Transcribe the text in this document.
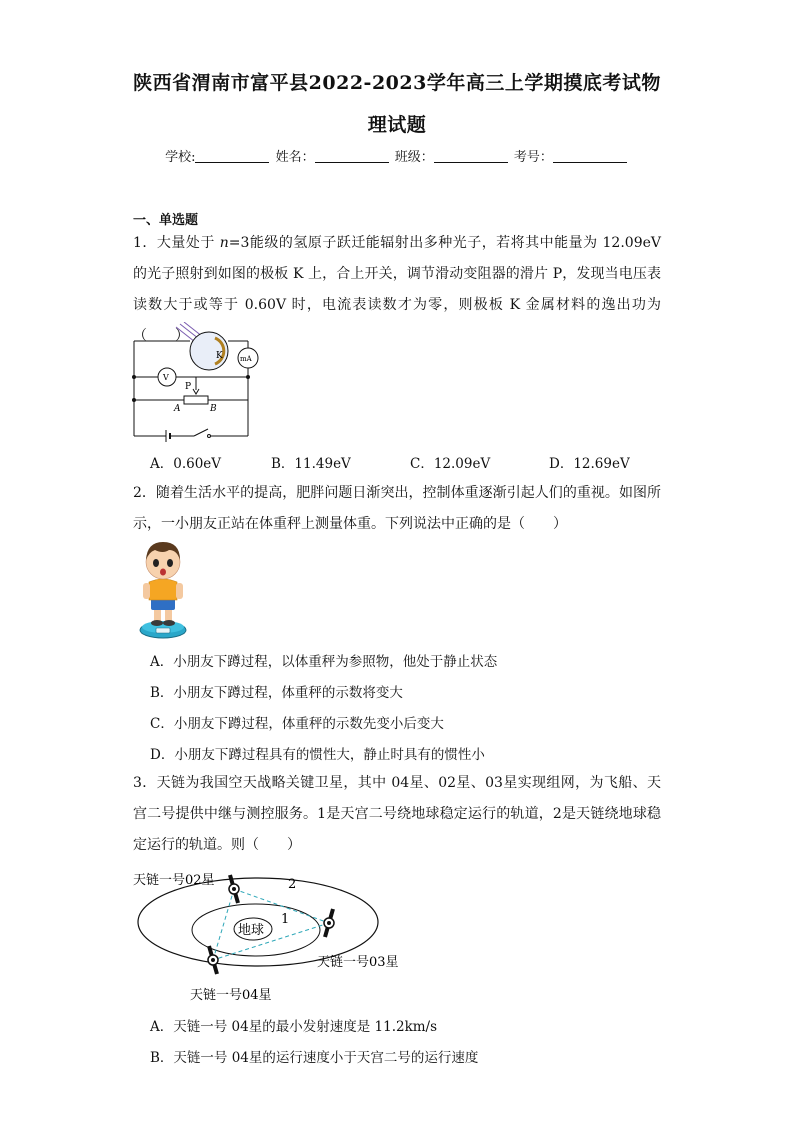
陕西省渭南市富平县2022-2023学年高三上学期摸底考试物
理试题
学校:	姓名：	班级：	考号：
一、单选题
1．大量处于 n=3能级的氢原子跃迁能辐射出多种光子，若将其中能量为 12.09eV 的光子照射到如图的极板 K 上，合上开关，调节滑动变阻器的滑片 P，发现当电压表读数大于或等于 0.60V 时，电流表读数才为零，则极板 K 金属材料的逸出功为（　　）
K mA
V
P
A	B
A．0.60eV	B．11.49eV	C．12.09eV	D．12.69eV
2．随着生活水平的提高，肥胖问题日渐突出，控制体重逐渐引起人们的重视。如图所示，一小朋友正站在体重秤上测量体重。下列说法中正确的是（　　）
A．小朋友下蹲过程，以体重秤为参照物，他处于静止状态
B．小朋友下蹲过程，体重秤的示数将变大
C．小朋友下蹲过程，体重秤的示数先变小后变大
D．小朋友下蹲过程具有的惯性大，静止时具有的惯性小
3．天链为我国空天战略关键卫星，其中 04星、02星、03星实现组网，为飞船、天宫二号提供中继与测控服务。1是天宫二号绕地球稳定运行的轨道，2是天链绕地球稳定运行的轨道。则（　　）
天链一号02星	2
1
地球
天链一号03星
天链一号04星
A．天链一号 04星的最小发射速度是 11.2km/s
B．天链一号 04星的运行速度小于天宫二号的运行速度
